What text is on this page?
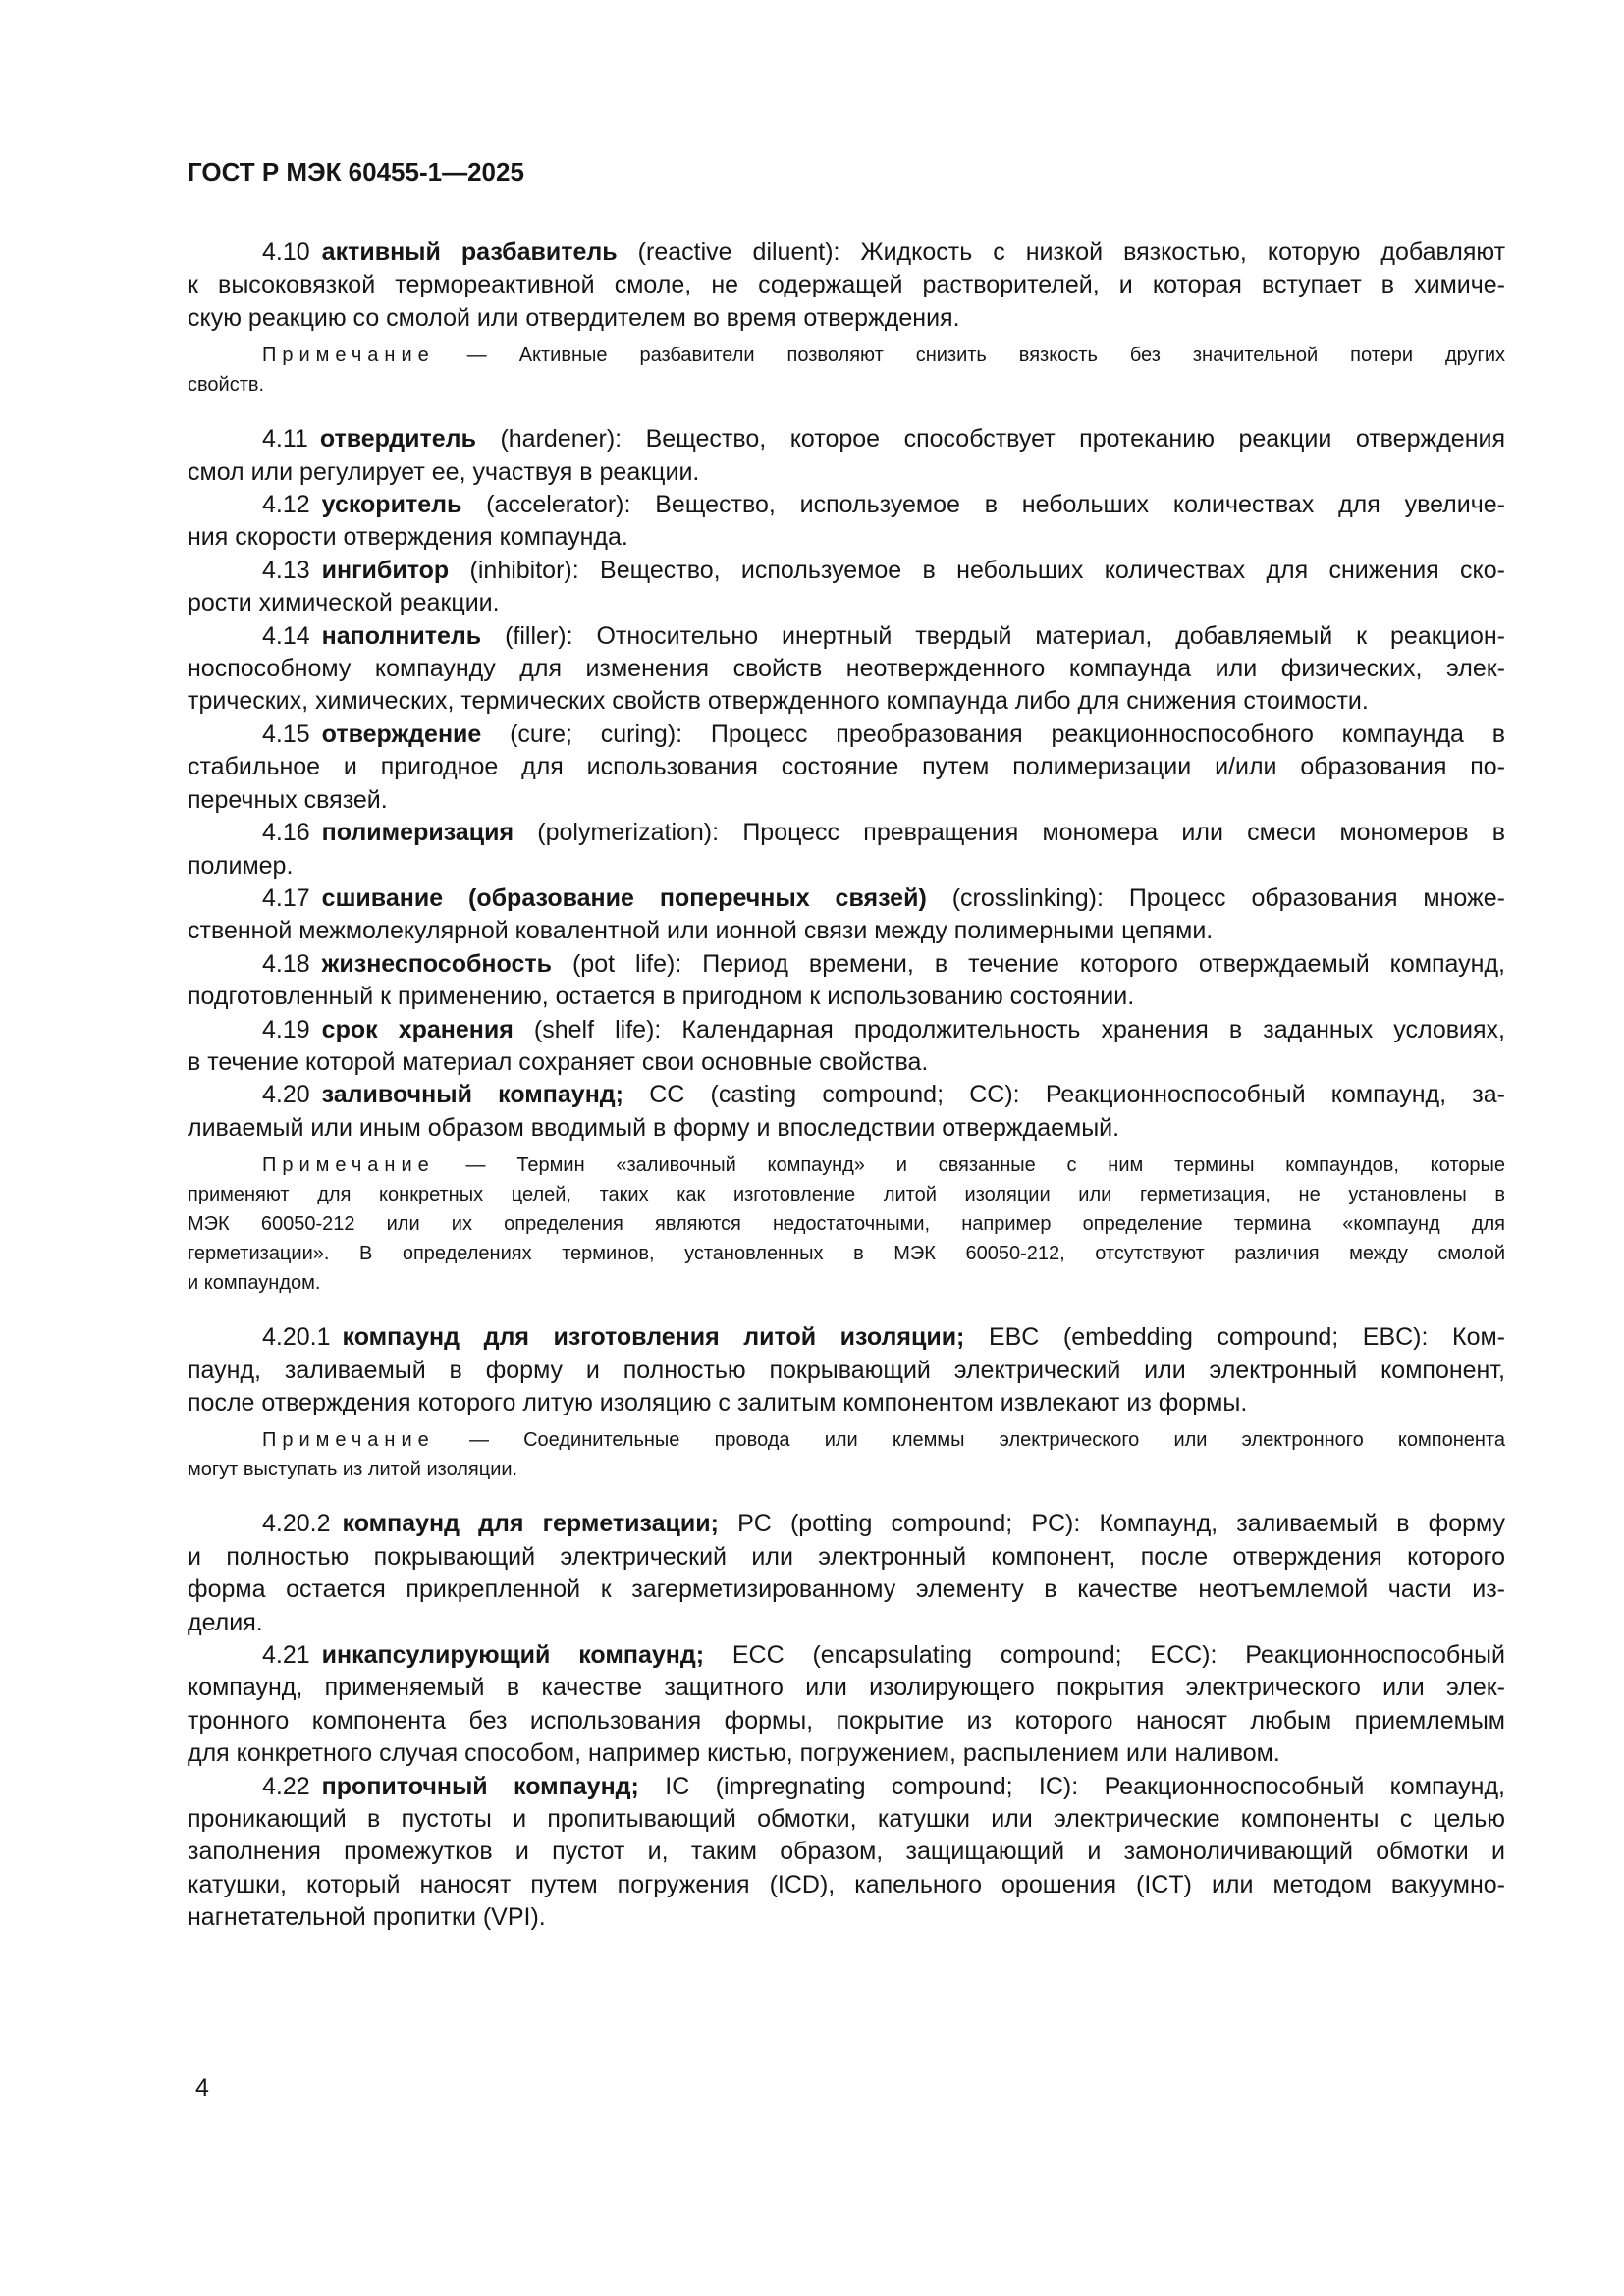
ГОСТ Р МЭК 60455-1—2025

4.10 активный разбавитель (reactive diluent): Жидкость с низкой вязкостью, которую добавляют
к высоковязкой термореактивной смоле, не содержащей растворителей, и которая вступает в химиче-
скую реакцию со смолой или отвердителем во время отверждения.

Примечание — Активные разбавители позволяют снизить вязкость без значительной потери других
свойств.

4.11 отвердитель (hardener): Вещество, которое способствует протеканию реакции отверждения
смол или регулирует ее, участвуя в реакции.

4.12 ускоритель (accelerator): Вещество, используемое в небольших количествах для увеличе-
ния скорости отверждения компаунда.

4.13 ингибитор (inhibitor): Вещество, используемое в небольших количествах для снижения ско-
рости химической реакции.

4.14 наполнитель (filler): Относительно инертный твердый материал, добавляемый к реакцион-
носпособному компаунду для изменения свойств неотвержденного компаунда или физических, элек-
трических, химических, термических свойств отвержденного компаунда либо для снижения стоимости.

4.15 отверждение (cure; curing): Процесс преобразования реакционноспособного компаунда в
стабильное и пригодное для использования состояние путем полимеризации и/или образования по-
перечных связей.

4.16 полимеризация (polymerization): Процесс превращения мономера или смеси мономеров в
полимер.

4.17 сшивание (образование поперечных связей) (crosslinking): Процесс образования множе-
ственной межмолекулярной ковалентной или ионной связи между полимерными цепями.

4.18 жизнеспособность (pot life): Период времени, в течение которого отверждаемый компаунд,
подготовленный к применению, остается в пригодном к использованию состоянии.

4.19 срок хранения (shelf life): Календарная продолжительность хранения в заданных условиях,
в течение которой материал сохраняет свои основные свойства.

4.20 заливочный компаунд; CC (casting compound; CC): Реакционноспособный компаунд, за-
ливаемый или иным образом вводимый в форму и впоследствии отверждаемый.

Примечание — Термин «заливочный компаунд» и связанные с ним термины компаундов, которые
применяют для конкретных целей, таких как изготовление литой изоляции или герметизация, не установлены в
МЭК 60050-212 или их определения являются недостаточными, например определение термина «компаунд для
герметизации». В определениях терминов, установленных в МЭК 60050-212, отсутствуют различия между смолой
и компаундом.

4.20.1 компаунд для изготовления литой изоляции; EBC (embedding compound; EBC): Ком-
паунд, заливаемый в форму и полностью покрывающий электрический или электронный компонент,
после отверждения которого литую изоляцию с залитым компонентом извлекают из формы.

Примечание — Соединительные провода или клеммы электрического или электронного компонента
могут выступать из литой изоляции.

4.20.2 компаунд для герметизации; PC (potting compound; PC): Компаунд, заливаемый в форму
и полностью покрывающий электрический или электронный компонент, после отверждения которого
форма остается прикрепленной к загерметизированному элементу в качестве неотъемлемой части из-
делия.

4.21 инкапсулирующий компаунд; ECC (encapsulating compound; ECC): Реакционноспособный
компаунд, применяемый в качестве защитного или изолирующего покрытия электрического или элек-
тронного компонента без использования формы, покрытие из которого наносят любым приемлемым
для конкретного случая способом, например кистью, погружением, распылением или наливом.

4.22 пропиточный компаунд; IC (impregnating compound; IC): Реакционноспособный компаунд,
проникающий в пустоты и пропитывающий обмотки, катушки или электрические компоненты с целью
заполнения промежутков и пустот и, таким образом, защищающий и замоноличивающий обмотки и
катушки, который наносят путем погружения (ICD), капельного орошения (ICT) или методом вакуумно-
нагнетательной пропитки (VPI).

4
